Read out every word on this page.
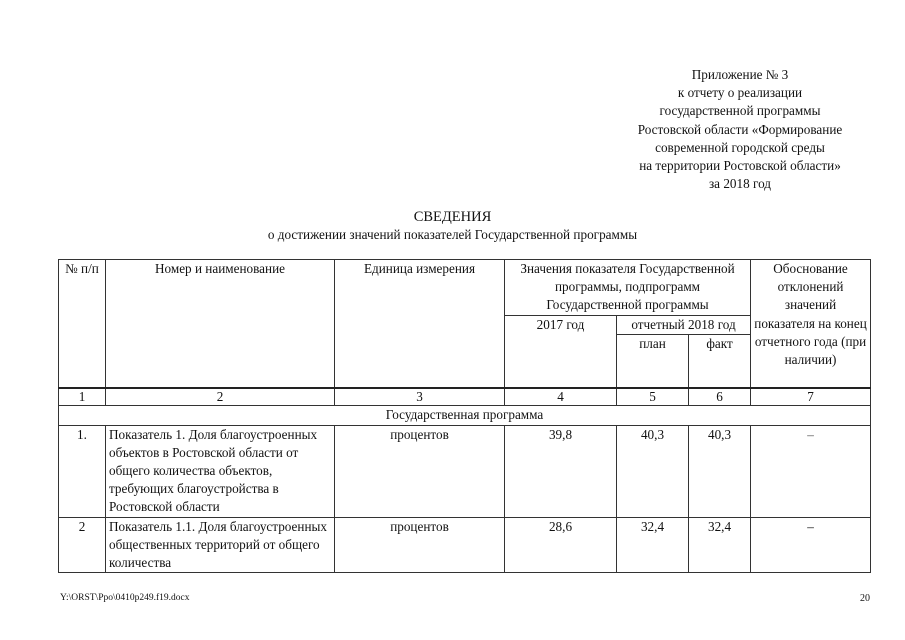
Приложение № 3
к отчету о реализации
государственной программы
Ростовской области «Формирование
современной городской среды
на территории Ростовской области»
за 2018 год
СВЕДЕНИЯ
о достижении значений показателей Государственной программы
№ п/п	Номер и наименование	Единица измерения	Значения показателя Государственной программы, подпрограмм Государственной программы			Обоснование отклонений значений показателя на конец отчетного года (при наличии)
			2017 год	отчетный 2018 год		
				план	факт	
1	2	3	4	5	6	7
Государственная программа						
1.	Показатель 1. Доля благоустроенных объектов в Ростовской области от общего количества объектов, требующих благоустройства в Ростовской области	процентов	39,8	40,3	40,3	–
2	Показатель 1.1. Доля благоустроенных общественных территорий от общего количества	процентов	28,6	32,4	32,4	–
Y:\ORST\Ppo\0410p249.f19.docx	20
